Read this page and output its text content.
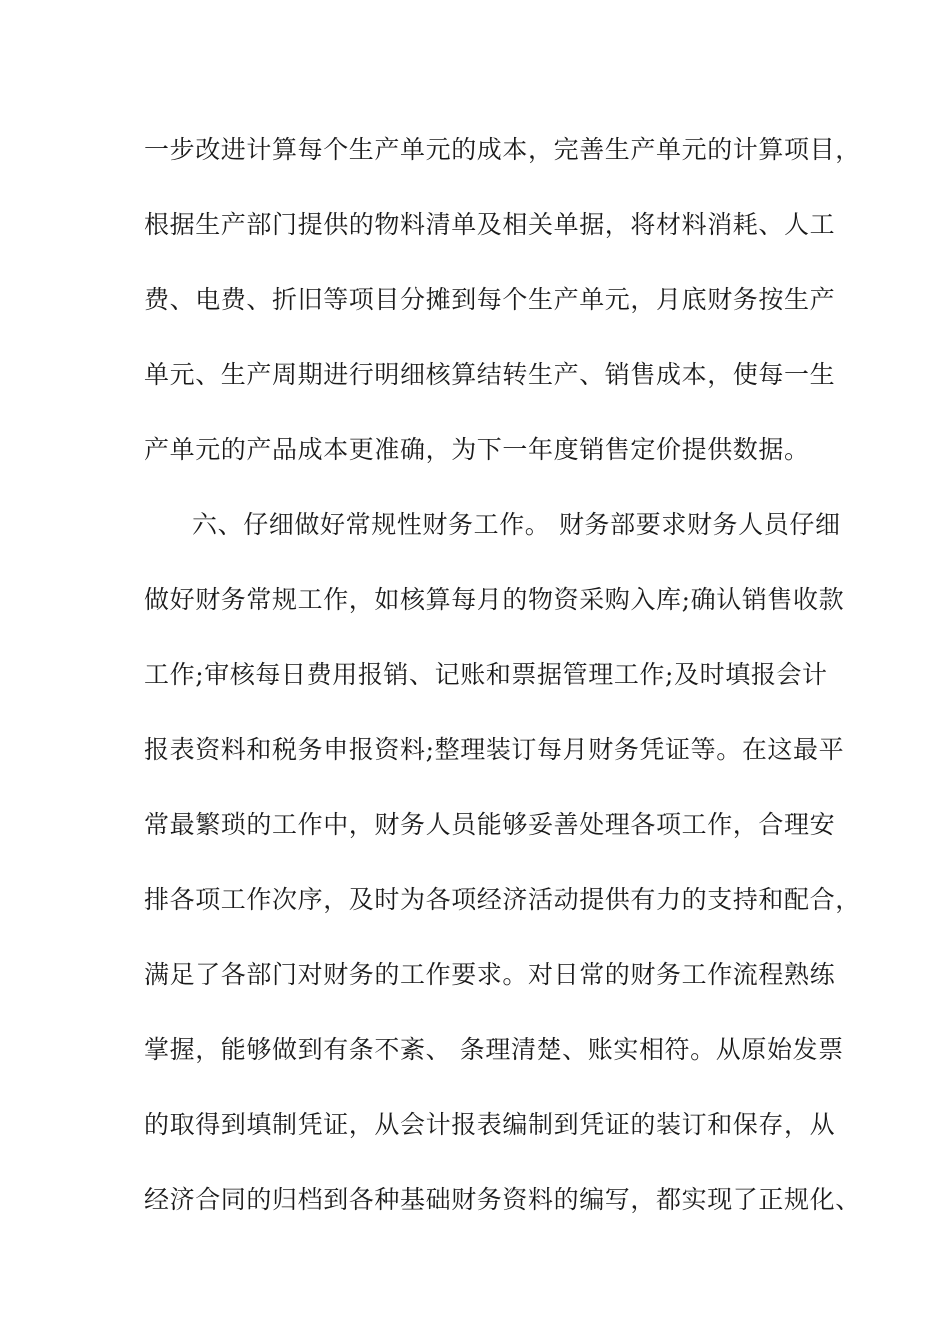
一步改进计算每个生产单元的成本，完善生产单元的计算项目，
根据生产部门提供的物料清单及相关单据，将材料消耗、人工
费、电费、折旧等项目分摊到每个生产单元，月底财务按生产
单元、生产周期进行明细核算结转生产、销售成本，使每一生
产单元的产品成本更准确，为下一年度销售定价提供数据。
六、仔细做好常规性财务工作。 财务部要求财务人员仔细
做好财务常规工作，如核算每月的物资采购入库;确认销售收款
工作;审核每日费用报销、记账和票据管理工作;及时填报会计
报表资料和税务申报资料;整理装订每月财务凭证等。在这最平
常最繁琐的工作中，财务人员能够妥善处理各项工作，合理安
排各项工作次序，及时为各项经济活动提供有力的支持和配合，
满足了各部门对财务的工作要求。对日常的财务工作流程熟练
掌握，能够做到有条不紊、 条理清楚、账实相符。从原始发票
的取得到填制凭证，从会计报表编制到凭证的装订和保存，从
经济合同的归档到各种基础财务资料的编写，都实现了正规化、
